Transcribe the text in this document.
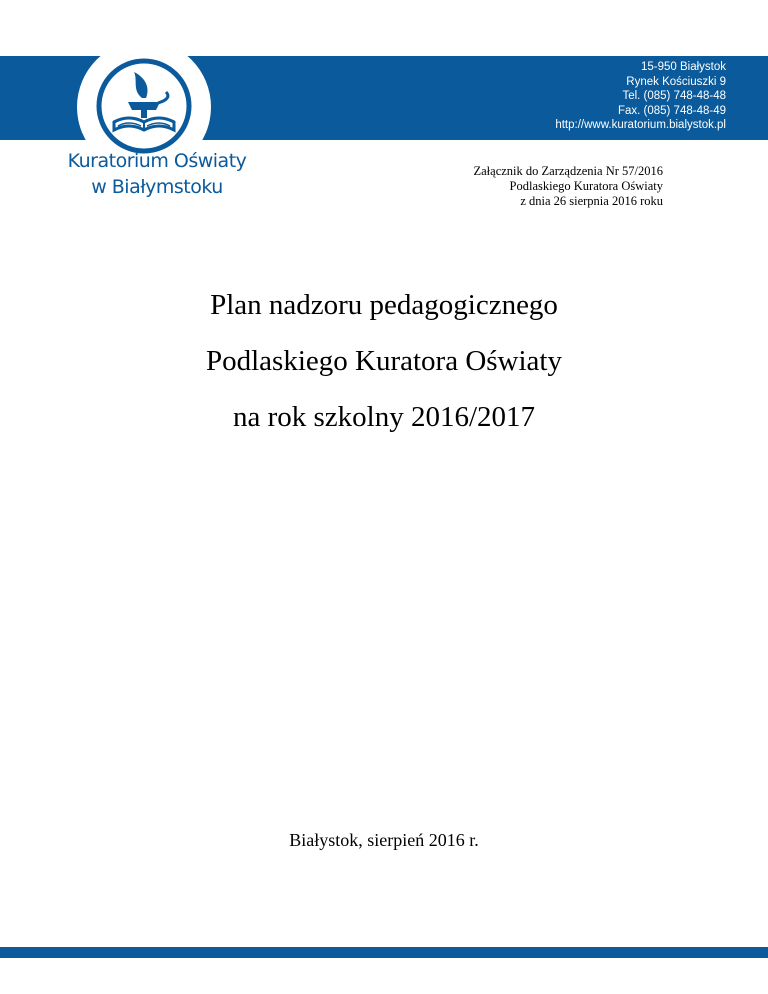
15-950 Białystok
Rynek Kościuszki 9
Tel. (085) 748-48-48
Fax. (085) 748-48-49
http://www.kuratorium.bialystok.pl
Kuratorium Oświaty
w Białymstoku
Załącznik do Zarządzenia Nr 57/2016
Podlaskiego Kuratora Oświaty
z dnia 26 sierpnia 2016 roku
Plan nadzoru pedagogicznego
Podlaskiego Kuratora Oświaty
na rok szkolny 2016/2017
Białystok, sierpień 2016 r.
